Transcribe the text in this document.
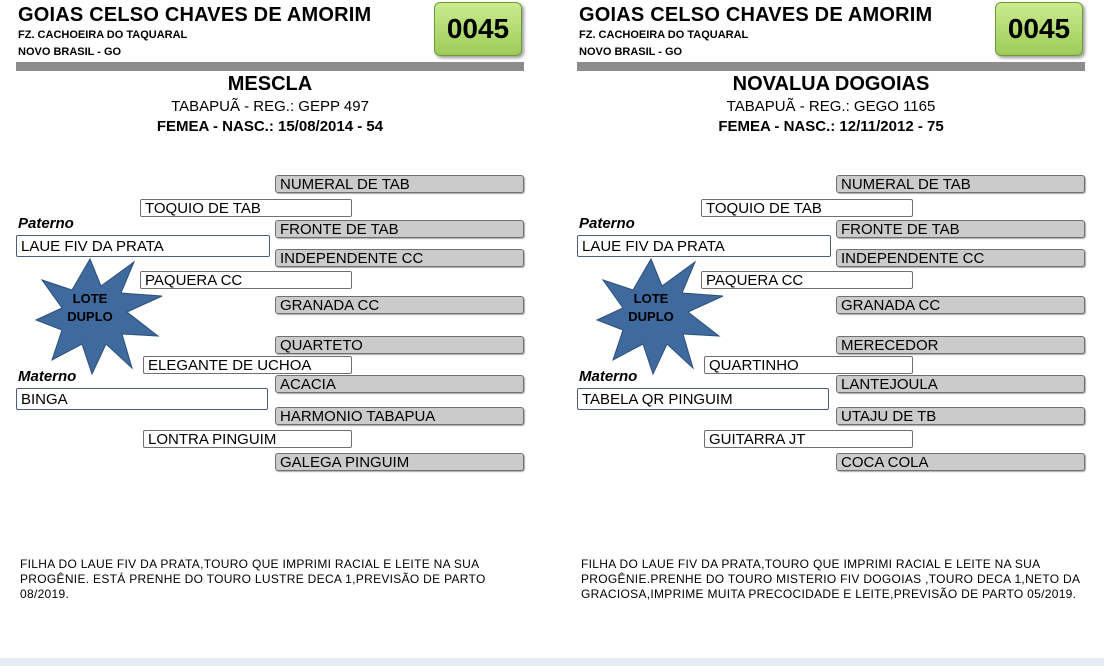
GOIAS CELSO CHAVES DE AMORIM
FZ. CACHOEIRA DO TAQUARAL
NOVO BRASIL - GO
0045
MESCLA
TABAPUÃ - REG.: GEPP 497
FEMEA - NASC.: 15/08/2014 - 54
NUMERAL DE TAB
TOQUIO DE TAB
Paterno	FRONTE DE TAB
LAUE FIV DA PRATA
INDEPENDENTE CC
PAQUERA CC
GRANADA CC
LOTE
DUPLO
QUARTETO
ELEGANTE DE UCHOA
Materno	ACACIA
BINGA
HARMONIO TABAPUA
LONTRA PINGUIM
GALEGA PINGUIM
FILHA DO LAUE FIV DA PRATA,TOURO QUE IMPRIMI RACIAL E LEITE NA SUA PROGÊNIE. ESTÁ PRENHE DO TOURO LUSTRE DECA 1,PREVISÃO DE PARTO 08/2019.
GOIAS CELSO CHAVES DE AMORIM
FZ. CACHOEIRA DO TAQUARAL
NOVO BRASIL - GO
0045
NOVALUA DOGOIAS
TABAPUÃ - REG.: GEGO 1165
FEMEA - NASC.: 12/11/2012 - 75
NUMERAL DE TAB
TOQUIO DE TAB
Paterno	FRONTE DE TAB
LAUE FIV DA PRATA
INDEPENDENTE CC
PAQUERA CC
GRANADA CC
LOTE
DUPLO
MERECEDOR
QUARTINHO
Materno	LANTEJOULA
TABELA QR PINGUIM
UTAJU DE TB
GUITARRA JT
COCA COLA
FILHA DO LAUE FIV DA PRATA,TOURO QUE IMPRIMI RACIAL E LEITE NA SUA PROGÊNIE.PRENHE DO TOURO MISTERIO FIV DOGOIAS ,TOURO DECA 1,NETO DA GRACIOSA,IMPRIME MUITA PRECOCIDADE E LEITE,PREVISÃO DE PARTO 05/2019.
